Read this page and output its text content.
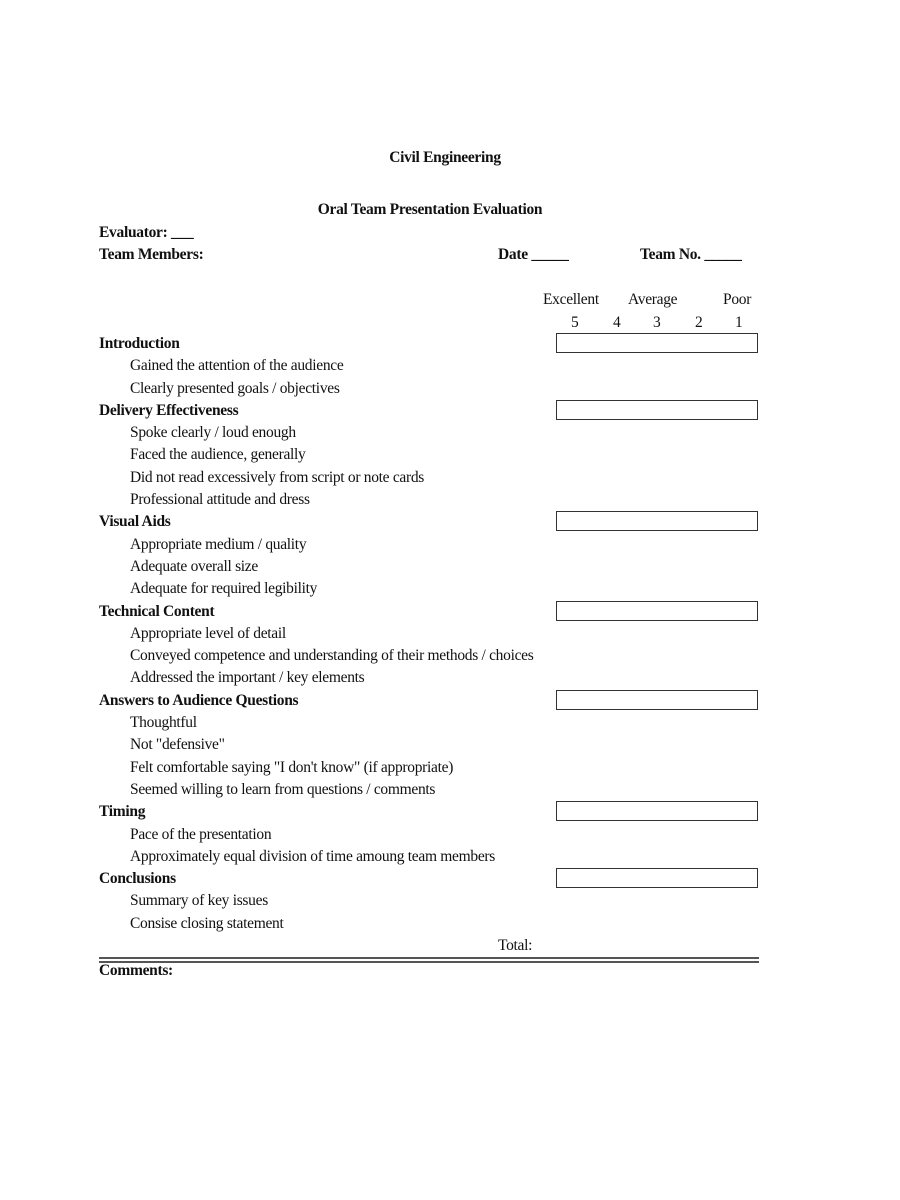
Civil Engineering
Oral Team Presentation Evaluation
Evaluator: ___
Team Members:	Date _____	Team No. _____
Excellent Average	Poor
5 4 3 2 1
Introduction
Gained the attention of the audience
Clearly presented goals / objectives
Delivery Effectiveness
Spoke clearly / loud enough
Faced the audience, generally
Did not read excessively from script or note cards
Professional attitude and dress
Visual Aids
Appropriate medium / quality
Adequate overall size
Adequate for required legibility
Technical Content
Appropriate level of detail
Conveyed competence and understanding of their methods / choices
Addressed the important / key elements
Answers to Audience Questions
Thoughtful
Not "defensive"
Felt comfortable saying "I don't know" (if appropriate)
Seemed willing to learn from questions / comments
Timing
Pace of the presentation
Approximately equal division of time amoung team members
Conclusions
Summary of key issues
Consise closing statement
Total:
Comments:
